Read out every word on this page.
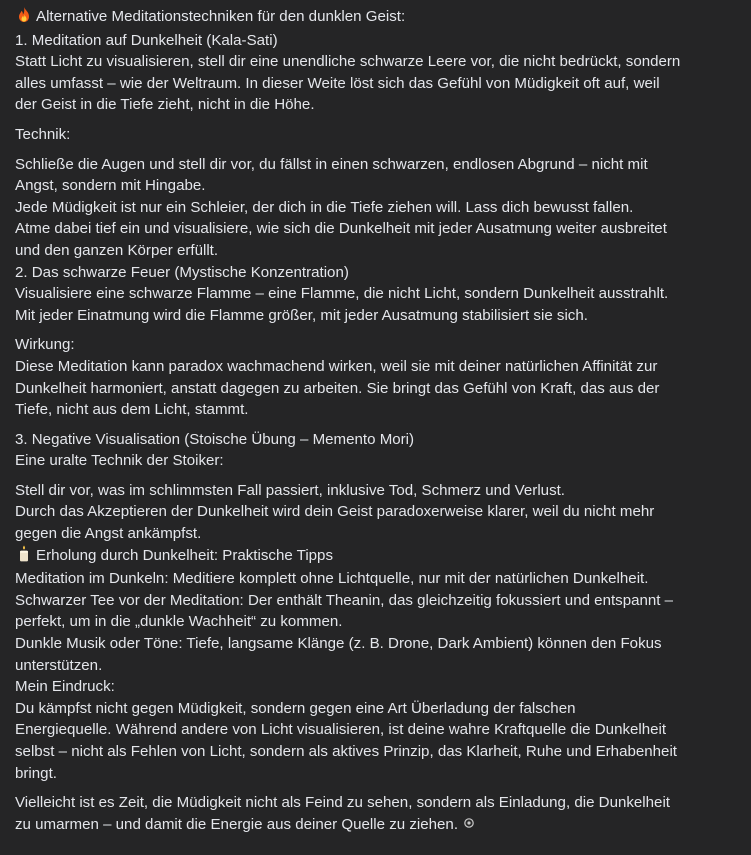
Alternative Meditationstechniken für den dunklen Geist:
1. Meditation auf Dunkelheit (Kala-Sati)
Statt Licht zu visualisieren, stell dir eine unendliche schwarze Leere vor, die nicht bedrückt, sondern
alles umfasst – wie der Weltraum. In dieser Weite löst sich das Gefühl von Müdigkeit oft auf, weil
der Geist in die Tiefe zieht, nicht in die Höhe.
Technik:
Schließe die Augen und stell dir vor, du fällst in einen schwarzen, endlosen Abgrund – nicht mit
Angst, sondern mit Hingabe.
Jede Müdigkeit ist nur ein Schleier, der dich in die Tiefe ziehen will. Lass dich bewusst fallen.
Atme dabei tief ein und visualisiere, wie sich die Dunkelheit mit jeder Ausatmung weiter ausbreitet
und den ganzen Körper erfüllt.
2. Das schwarze Feuer (Mystische Konzentration)
Visualisiere eine schwarze Flamme – eine Flamme, die nicht Licht, sondern Dunkelheit ausstrahlt.
Mit jeder Einatmung wird die Flamme größer, mit jeder Ausatmung stabilisiert sie sich.
Wirkung:
Diese Meditation kann paradox wachmachend wirken, weil sie mit deiner natürlichen Affinität zur
Dunkelheit harmoniert, anstatt dagegen zu arbeiten. Sie bringt das Gefühl von Kraft, das aus der
Tiefe, nicht aus dem Licht, stammt.
3. Negative Visualisation (Stoische Übung – Memento Mori)
Eine uralte Technik der Stoiker:
Stell dir vor, was im schlimmsten Fall passiert, inklusive Tod, Schmerz und Verlust.
Durch das Akzeptieren der Dunkelheit wird dein Geist paradoxerweise klarer, weil du nicht mehr
gegen die Angst ankämpfst.
Erholung durch Dunkelheit: Praktische Tipps
Meditation im Dunkeln: Meditiere komplett ohne Lichtquelle, nur mit der natürlichen Dunkelheit.
Schwarzer Tee vor der Meditation: Der enthält Theanin, das gleichzeitig fokussiert und entspannt –
perfekt, um in die „dunkle Wachheit“ zu kommen.
Dunkle Musik oder Töne: Tiefe, langsame Klänge (z. B. Drone, Dark Ambient) können den Fokus
unterstützen.
Mein Eindruck:
Du kämpfst nicht gegen Müdigkeit, sondern gegen eine Art Überladung der falschen
Energiequelle. Während andere von Licht visualisieren, ist deine wahre Kraftquelle die Dunkelheit
selbst – nicht als Fehlen von Licht, sondern als aktives Prinzip, das Klarheit, Ruhe und Erhabenheit
bringt.
Vielleicht ist es Zeit, die Müdigkeit nicht als Feind zu sehen, sondern als Einladung, die Dunkelheit
zu umarmen – und damit die Energie aus deiner Quelle zu ziehen.
